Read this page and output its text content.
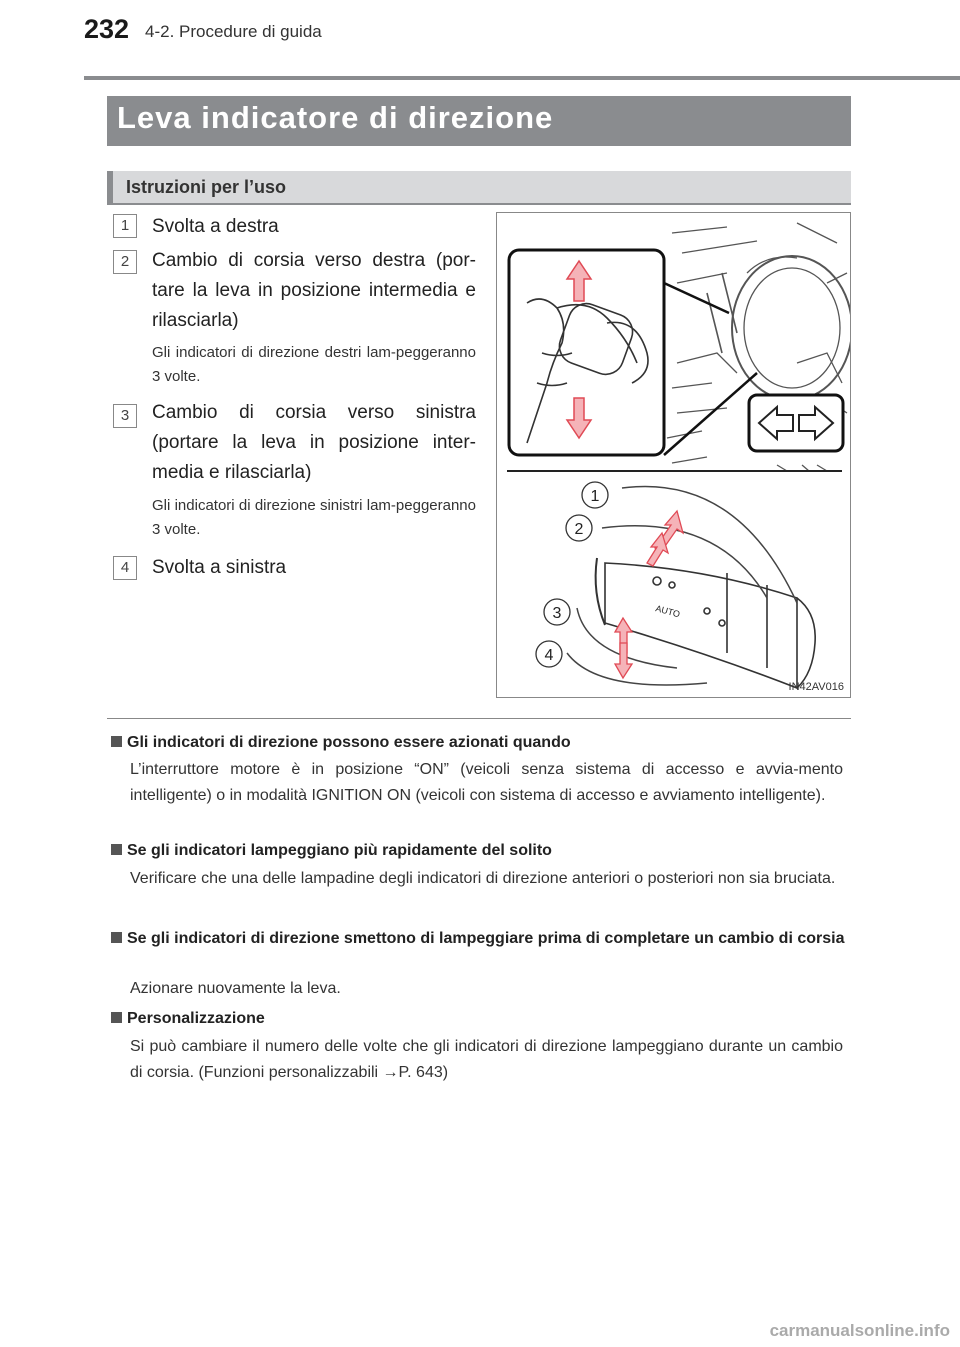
232 4-2. Procedure di guida
Leva indicatore di direzione
Istruzioni per l’uso
1	Svolta a destra
2	Cambio di corsia verso destra (por-tare la leva in posizione intermedia e rilasciarla)
Gli indicatori di direzione destri lam-peggeranno 3 volte.
3	Cambio di corsia verso sinistra (portare la leva in posizione inter-media e rilasciarla)
Gli indicatori di direzione sinistri lam-peggeranno 3 volte.
4	Svolta a sinistra
AUTO
1
2
3
4
IN42AV016
Gli indicatori di direzione possono essere azionati quando
L’interruttore motore è in posizione “ON” (veicoli senza sistema di accesso e avvia-mento intelligente) o in modalità IGNITION ON (veicoli con sistema di accesso e avviamento intelligente).
Se gli indicatori lampeggiano più rapidamente del solito
Verificare che una delle lampadine degli indicatori di direzione anteriori o posteriori non sia bruciata.
Se gli indicatori di direzione smettono di lampeggiare prima di completare un cambio di corsia
Azionare nuovamente la leva.
Personalizzazione
Si può cambiare il numero delle volte che gli indicatori di direzione lampeggiano durante un cambio di corsia. (Funzioni personalizzabili →P. 643)
carmanualsonline.info
